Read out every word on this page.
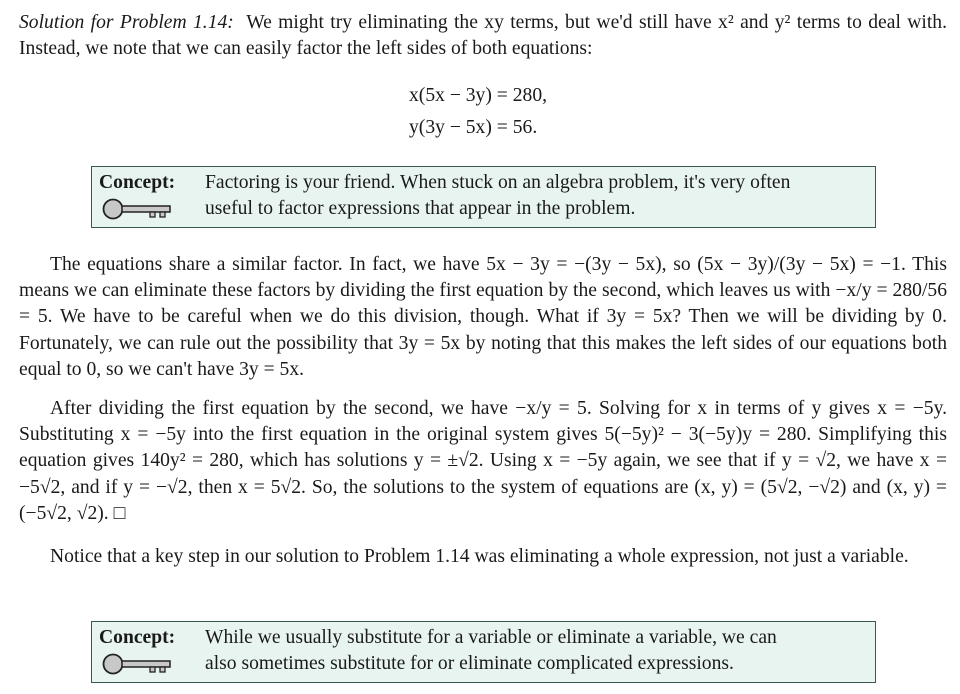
Solution for Problem 1.14: We might try eliminating the xy terms, but we'd still have x² and y² terms to deal with. Instead, we note that we can easily factor the left sides of both equations:

x(5x − 3y) = 280,
y(3y − 5x) = 56.
Concept: Factoring is your friend. When stuck on an algebra problem, it's very often
useful to factor expressions that appear in the problem.

The equations share a similar factor. In fact, we have 5x − 3y = −(3y − 5x), so (5x − 3y)/(3y − 5x) = −1. This means we can eliminate these factors by dividing the first equation by the second, which leaves us with −x/y = 280/56 = 5. We have to be careful when we do this division, though. What if 3y = 5x? Then we will be dividing by 0. Fortunately, we can rule out the possibility that 3y = 5x by noting that this makes the left sides of our equations both equal to 0, so we can't have 3y = 5x.

After dividing the first equation by the second, we have −x/y = 5. Solving for x in terms of y gives x = −5y. Substituting x = −5y into the first equation in the original system gives 5(−5y)² − 3(−5y)y = 280. Simplifying this equation gives 140y² = 280, which has solutions y = ±√2. Using x = −5y again, we see that if y = √2, we have x = −5√2, and if y = −√2, then x = 5√2. So, the solutions to the system of equations are (x, y) = (5√2, −√2) and (x, y) = (−5√2, √2). □

Notice that a key step in our solution to Problem 1.14 was eliminating a whole expression, not just a variable.

Concept: While we usually substitute for a variable or eliminate a variable, we can
also sometimes substitute for or eliminate complicated expressions.
